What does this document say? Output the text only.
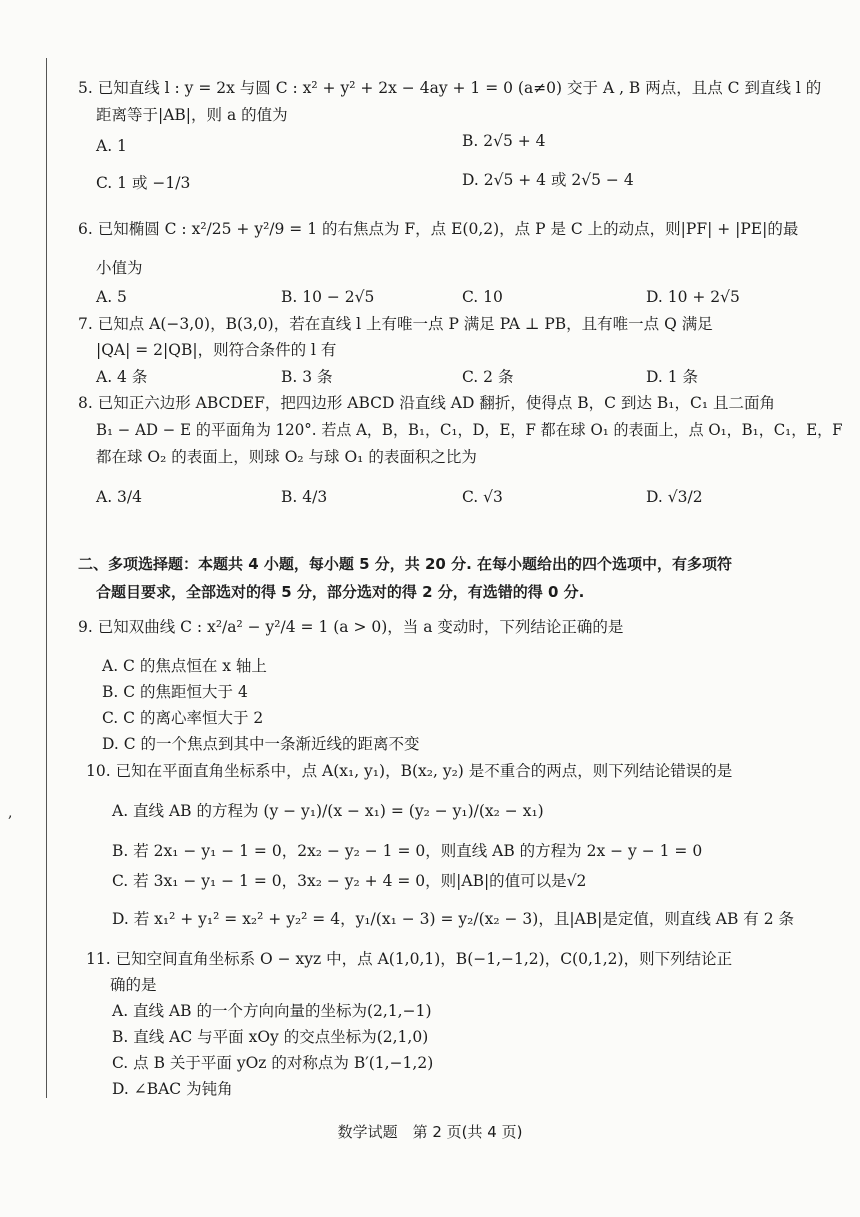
,
5. 已知直线 l : y = 2x 与圆 C : x² + y² + 2x − 4ay + 1 = 0 (a≠0) 交于 A , B 两点，且点 C 到直线 l 的
距离等于|AB|，则 a 的值为
A. 1	B. 2√5 + 4
C. 1 或 −1/3	D. 2√5 + 4 或 2√5 − 4
6. 已知椭圆 C : x²/25 + y²/9 = 1 的右焦点为 F，点 E(0,2)，点 P 是 C 上的动点，则|PF| + |PE|的最
小值为
A. 5	B. 10 − 2√5	C. 10	D. 10 + 2√5
7. 已知点 A(−3,0)，B(3,0)，若在直线 l 上有唯一点 P 满足 PA ⊥ PB，且有唯一点 Q 满足
|QA| = 2|QB|，则符合条件的 l 有
A. 4 条	B. 3 条	C. 2 条	D. 1 条
8. 已知正六边形 ABCDEF，把四边形 ABCD 沿直线 AD 翻折，使得点 B，C 到达 B₁，C₁ 且二面角
B₁ − AD − E 的平面角为 120°. 若点 A，B，B₁，C₁，D，E，F 都在球 O₁ 的表面上，点 O₁，B₁，C₁，E，F
都在球 O₂ 的表面上，则球 O₂ 与球 O₁ 的表面积之比为
A. 3/4	B. 4/3	C. √3	D. √3/2
二、多项选择题：本题共 4 小题，每小题 5 分，共 20 分. 在每小题给出的四个选项中，有多项符
合题目要求，全部选对的得 5 分，部分选对的得 2 分，有选错的得 0 分.
9. 已知双曲线 C : x²/a² − y²/4 = 1 (a > 0)，当 a 变动时，下列结论正确的是
A. C 的焦点恒在 x 轴上
B. C 的焦距恒大于 4
C. C 的离心率恒大于 2
D. C 的一个焦点到其中一条渐近线的距离不变
10. 已知在平面直角坐标系中，点 A(x₁, y₁)，B(x₂, y₂) 是不重合的两点，则下列结论错误的是
A. 直线 AB 的方程为 (y − y₁)/(x − x₁) = (y₂ − y₁)/(x₂ − x₁)
B. 若 2x₁ − y₁ − 1 = 0，2x₂ − y₂ − 1 = 0，则直线 AB 的方程为 2x − y − 1 = 0
C. 若 3x₁ − y₁ − 1 = 0，3x₂ − y₂ + 4 = 0，则|AB|的值可以是√2
D. 若 x₁² + y₁² = x₂² + y₂² = 4，y₁/(x₁ − 3) = y₂/(x₂ − 3)，且|AB|是定值，则直线 AB 有 2 条
11. 已知空间直角坐标系 O − xyz 中，点 A(1,0,1)，B(−1,−1,2)，C(0,1,2)，则下列结论正
确的是
A. 直线 AB 的一个方向向量的坐标为(2,1,−1)
B. 直线 AC 与平面 xOy 的交点坐标为(2,1,0)
C. 点 B 关于平面 yOz 的对称点为 B′(1,−1,2)
D. ∠BAC 为钝角
数学试题　第 2 页(共 4 页)
